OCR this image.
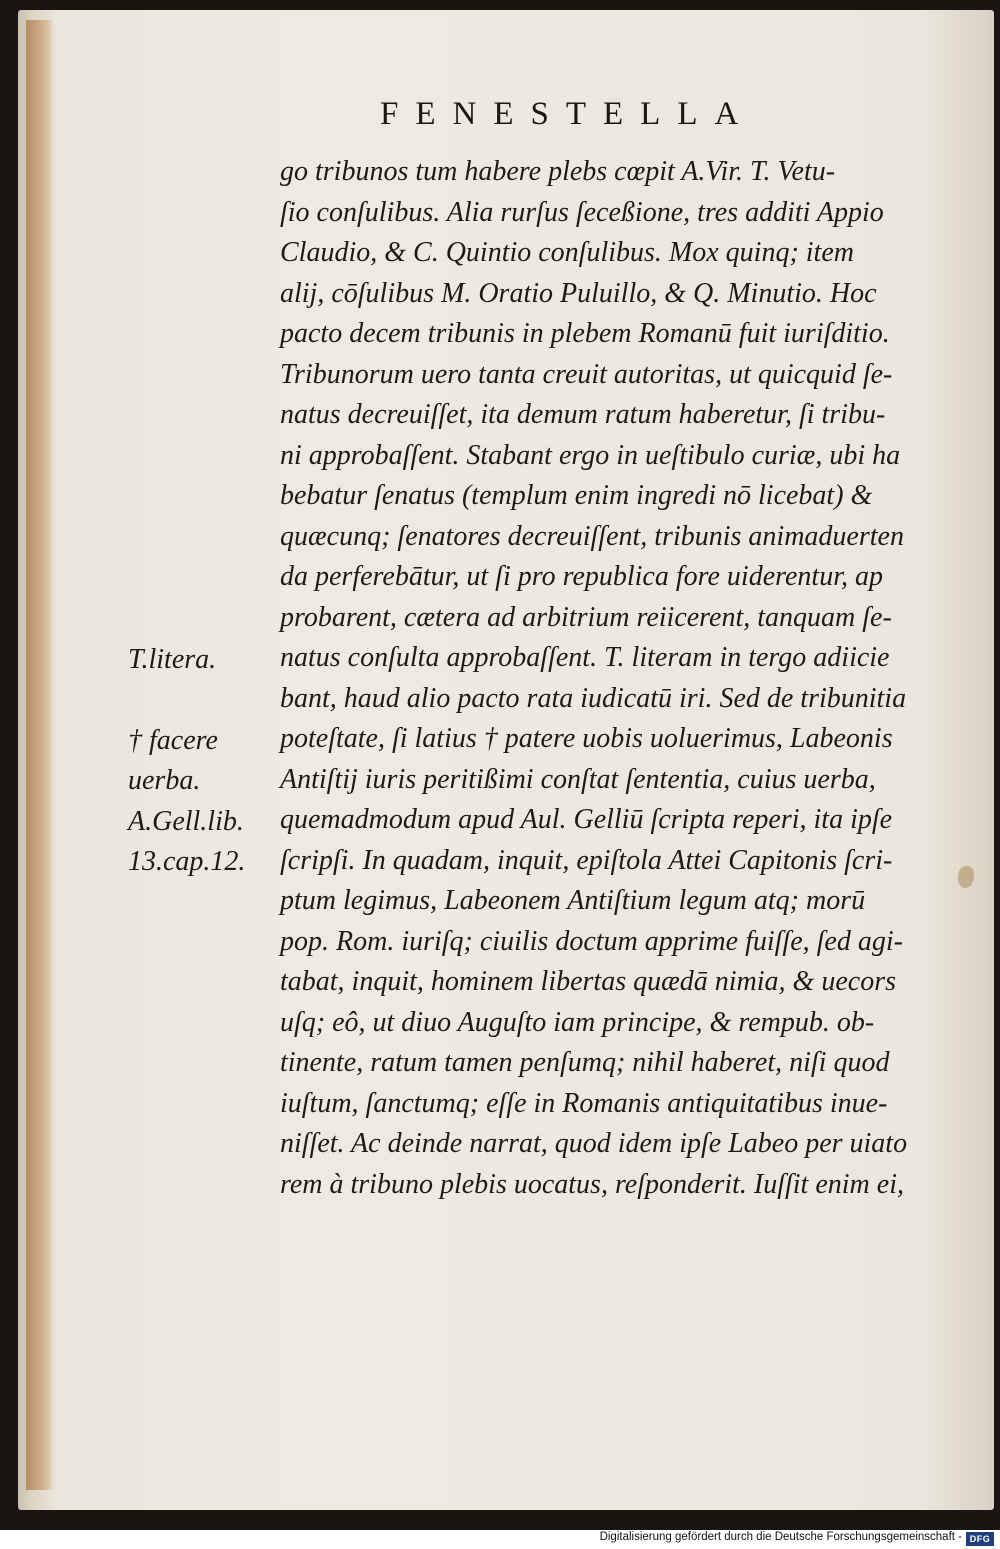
FENESTELLA
go tribunos tum habere plebs cœpit A.Vir. T. Vetu-
ſio conſulibus. Alia rurſus ſeceßione, tres additi Appio
Claudio, & C. Quintio conſulibus. Mox quinq; item
alij, cōſulibus M. Oratio Puluillo, & Q. Minutio. Hoc
pacto decem tribunis in plebem Romanū fuit iuriſditio.
Tribunorum uero tanta creuit autoritas, ut quicquid ſe-
natus decreuiſſet, ita demum ratum haberetur, ſi tribu-
ni approbaſſent. Stabant ergo in ueſtibulo curiæ, ubi ha
bebatur ſenatus (templum enim ingredi nō licebat) &
quæcunq; ſenatores decreuiſſent, tribunis animaduerten
da perferebātur, ut ſi pro republica fore uiderentur, ap
probarent, cætera ad arbitrium reiicerent, tanquam ſe-
natus conſulta approbaſſent. T. literam in tergo adiicie
bant, haud alio pacto rata iudicatū iri. Sed de tribunitia
poteſtate, ſi latius † patere uobis uoluerimus, Labeonis
Antiſtij iuris peritißimi conſtat ſententia, cuius uerba,
quemadmodum apud Aul. Gelliū ſcripta reperi, ita ipſe
ſcripſi. In quadam, inquit, epiſtola Attei Capitonis ſcri-
ptum legimus, Labeonem Antiſtium legum atq; morū
pop. Rom. iuriſq; ciuilis doctum apprime fuiſſe, ſed agi-
tabat, inquit, hominem libertas quædā nimia, & uecors
uſq; eô, ut diuo Auguſto iam principe, & rempub. ob-
tinente, ratum tamen penſumq; nihil haberet, niſi quod
iuſtum, ſanctumq; eſſe in Romanis antiquitatibus inue-
niſſet. Ac deinde narrat, quod idem ipſe Labeo per uiato
rem à tribuno plebis uocatus, reſponderit. Iuſſit enim ei,
T.litera.
† facere
uerba.
A.Gell.lib.
13.cap.12.
Digitalisierung gefördert durch die Deutsche Forschungsgemeinschaft - DFG
